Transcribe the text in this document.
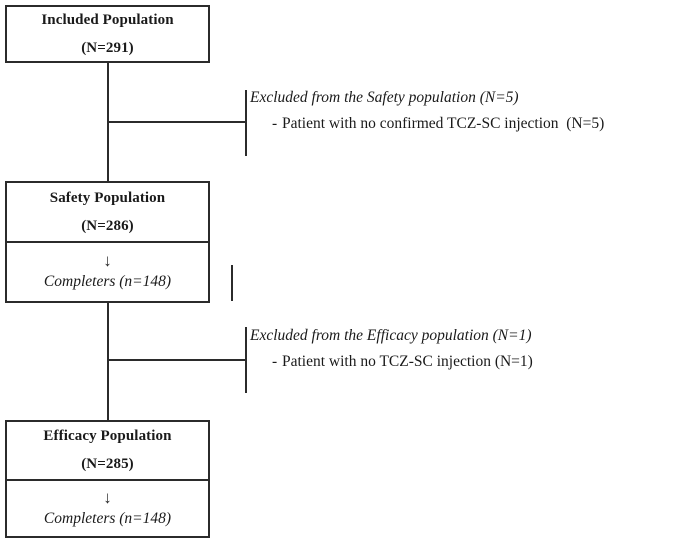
Included Population
(N=291)
Excluded from the Safety population (N=5)
- Patient with no confirmed TCZ-SC injection  (N=5)
Safety Population
(N=286)
↓
Completers (n=148)
Excluded from the Efficacy population (N=1)
- Patient with no TCZ-SC injection (N=1)
Efficacy Population
(N=285)
↓
Completers (n=148)
